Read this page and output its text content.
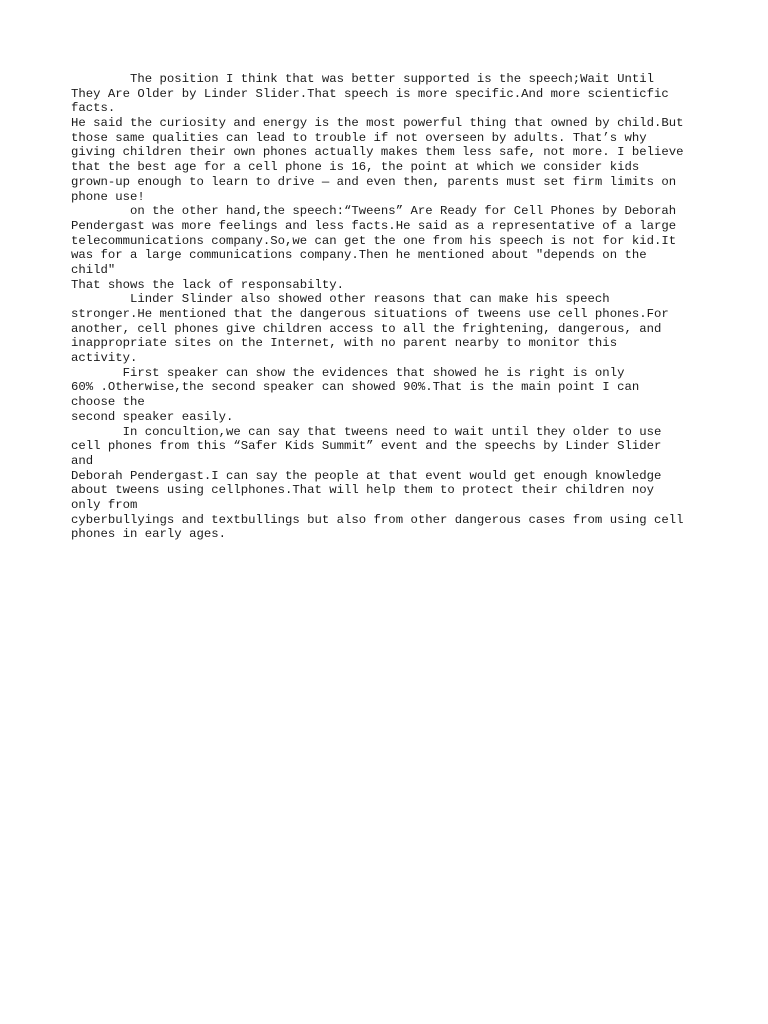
The position I think that was better supported is the speech;Wait Until
They Are Older by Linder Slider.That speech is more specific.And more scienticfic
facts.
He said the curiosity and energy is the most powerful thing that owned by child.But
those same qualities can lead to trouble if not overseen by adults. That’s why
giving children their own phones actually makes them less safe, not more. I believe
that the best age for a cell phone is 16, the point at which we consider kids
grown-up enough to learn to drive — and even then, parents must set firm limits on
phone use!
on the other hand,the speech:“Tweens” Are Ready for Cell Phones by Deborah
Pendergast was more feelings and less facts.He said as a representative of a large
telecommunications company.So,we can get the one from his speech is not for kid.It
was for a large communications company.Then he mentioned about "depends on the
child"
That shows the lack of responsabilty.
Linder Slinder also showed other reasons that can make his speech
stronger.He mentioned that the dangerous situations of tweens use cell phones.For
another, cell phones give children access to all the frightening, dangerous, and
inappropriate sites on the Internet, with no parent nearby to monitor this
activity.
First speaker can show the evidences that showed he is right is only
60% .Otherwise,the second speaker can showed 90%.That is the main point I can
choose the
second speaker easily.
In concultion,we can say that tweens need to wait until they older to use
cell phones from this “Safer Kids Summit” event and the speechs by Linder Slider
and
Deborah Pendergast.I can say the people at that event would get enough knowledge
about tweens using cellphones.That will help them to protect their children noy
only from
cyberbullyings and textbullings but also from other dangerous cases from using cell
phones in early ages.
